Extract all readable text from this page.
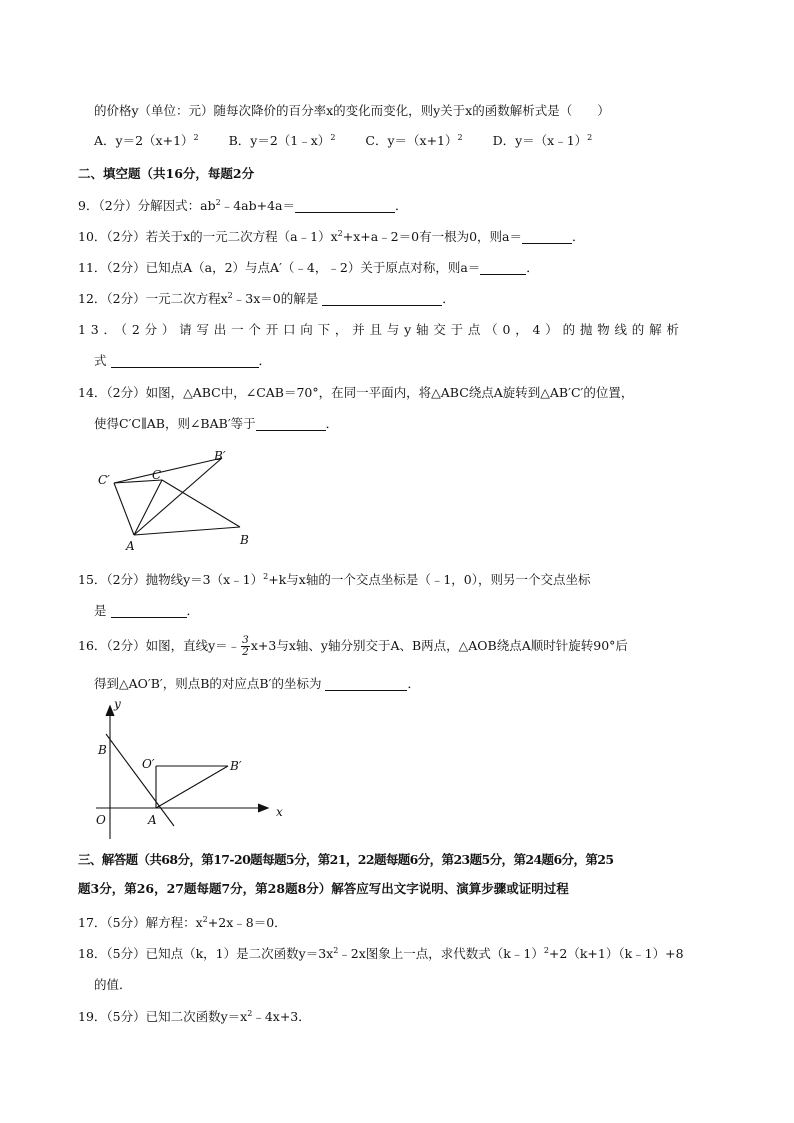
的价格y（单位：元）随每次降价的百分率x的变化而变化，则y关于x的函数解析式是（　　）
A．$y=2(x+1)^2$ B．y＝2（1﹣x）$^2$ C．$y=(x+1)^2$ D．y＝（x﹣1）$^2$
二、填空题（共16分，每题2分
9．（2分）分解因式：$ab^2﹣4ab+4a=$	．
10．（2分）若关于x的一元二次方程$(a﹣1)x^2+x+a﹣2=0$有一根为0，则a＝	．
11．（2分）已知点A（a，2）与点A′（﹣4，﹣2）关于原点对称，则a＝	．
12．（2分）一元二次方程$x^2﹣3x=0$的解是	．
13．（2分）请写出一个开口向下，并且与y轴交于点（0，4）的抛物线的解析
式	．
14．（2分）如图，△ABC中，∠CAB＝70°，在同一平面内，将△ABC绕点A旋转到△AB′C′的位置，
使得C′C∥AB，则∠BAB′等于	．
C′	C
B′
A	B
15．（2分）抛物线y＝3（x﹣1）$^2$+k与x轴的一个交点坐标是（﹣1，0），则另一个交点坐标
是	．
16．（2分）如图，直线y＝﹣ $\frac{3}{2} x+3$与x轴、y轴分别交于A、B两点，△AOB绕点A顺时针旋转90°后
得到△AO′B′，则点B的对应点B′的坐标为	．
y
x
B
O′	B′
O	A
三、解答题（共68分，第17-20题每题5分，第21，22题每题6分，第23题5分，第24题6分，第25
题3分，第26，27题每题7分，第28题8分）解答应写出文字说明、演算步骤或证明过程
17．（5分）解方程：$x^2+2x﹣8=0$．
18．（5分）已知点（k，1）是二次函数$y=3x^2﹣2x$图象上一点，求代数式（k﹣1）$^2$+2（k+1）（k﹣1）+8
的值．
19．（5分）已知二次函数$y=x^2﹣4x+3$．
